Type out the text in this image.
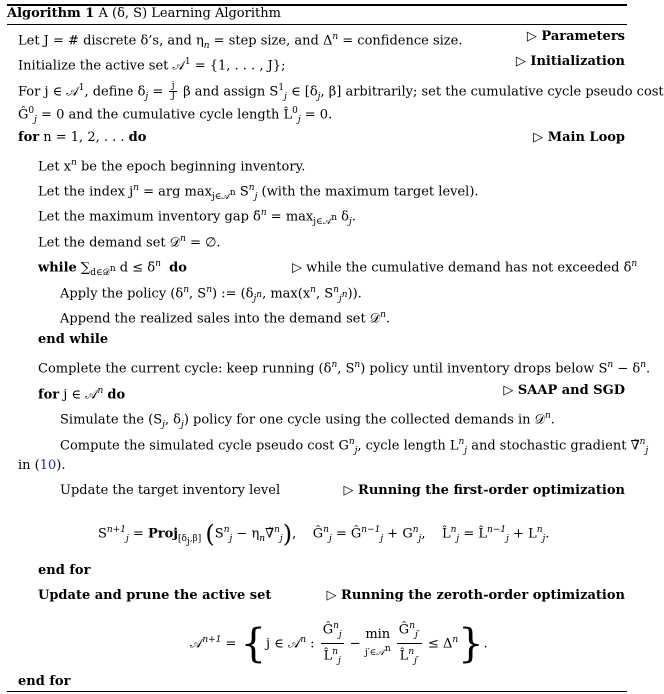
Algorithm 1 A (δ, S) Learning Algorithm
Let J = # discrete δ’s, and $\eta_n$ = step size, and $\Delta^n$ = confidence size.	▷ Parameters
Initialize the active set 𝒜$^1$ = {1, . . . , J};	▷ Initialization
For j ∈ 𝒜$^1$, define $\delta_j = \frac{j}{J}$ β and assign $S^1_j$ ∈ [$\delta_j$, β] arbitrarily; set the cumulative cycle pseudo cost
$Ĝ^0_j = 0$ and the cumulative cycle length L̂$^0_j$ = 0.
for n = 1, 2, . . . do	▷ Main Loop
Let $x^n$ be the epoch beginning inventory.
Let the index $j^n$ = arg $\max_{j\in 𝒜^n} S^n_j$ (with the maximum target level).
Let the maximum inventory gap δ̄$^n$ = $\max_{j\in 𝒜^n} \delta_j$.
Let the demand set 𝒟$^n$ = ∅.
while $\sum_{d\in 𝒟^n}$ d ≤ δ̄$^n$ do	▷ while the cumulative demand has not exceeded δ̄$^n$
Apply the policy ($\delta^n$, $S^n$) := ($\delta_{j^n}$, $\max(x^n$, $S^n_{j^n}$)).
Append the realized sales into the demand set 𝒟$^n$.
end while
Complete the current cycle: keep running ($\delta^n$, $S^n$) policy until inventory drops below $S^n - \delta^n$.
for j ∈ 𝒜$^n$ do	▷ SAAP and SGD
Simulate the ($S_j$, $\delta_j$) policy for one cycle using the collected demands in 𝒟$^n$.
Compute the simulated cycle pseudo cost $G^n_j$, cycle length $L^n_j$ and stochastic gradient ∇̃$^n_j$
in (10).
Update the target inventory level	▷ Running the first-order optimization
$S^{n+1}_j$ = Proj$_{[\delta_j,\beta]}$ ($S^n_j$ − $\eta_n\nablã^n_j$),    $Ĝ^n_j$ = $Ĝ^{n-1}_j + G^n_j$,    L̂$^n_j$ = L̂$^{n-1}_j$ + $L^n_j$.
end for
Update and prune the active set	▷ Running the zeroth-order optimization
𝒜$^{n+1}$ = {j ∈ 𝒜$^n$ : $\frac{Ĝ^n_j}{L̂^n_j} - \min$
j′∈𝒜$^n$ $\frac{Ĝ^n_{j'}}{L̂^n_{j'}} \le \Delta^n$}.
end for
